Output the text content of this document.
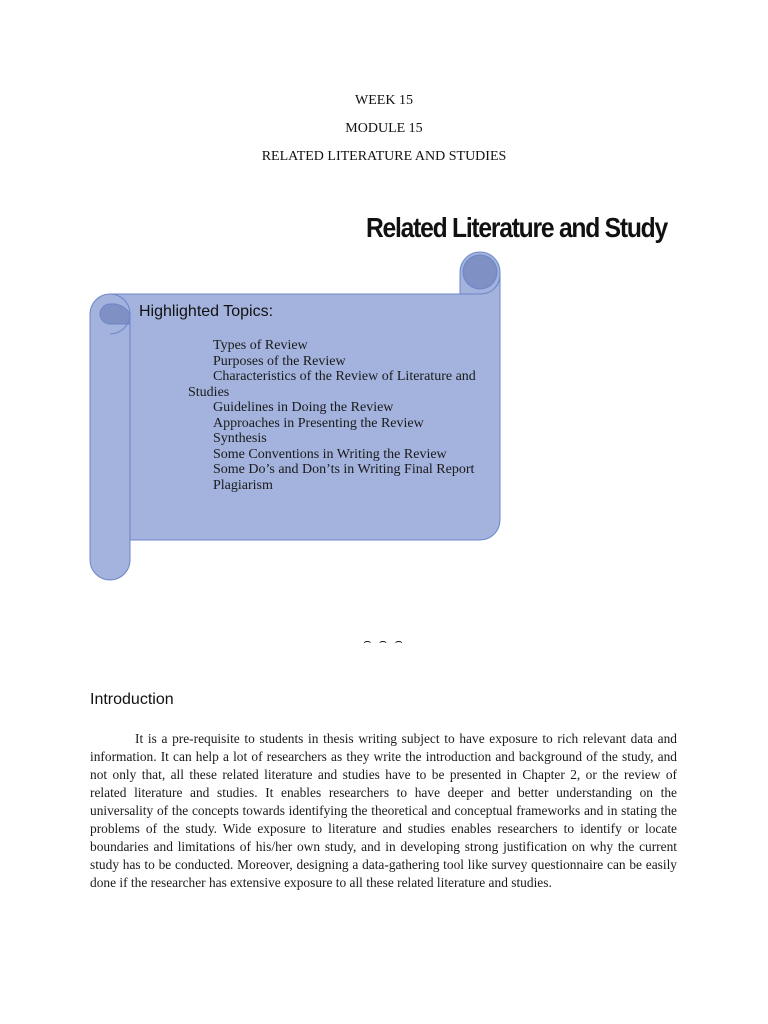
WEEK 15
MODULE 15
RELATED LITERATURE AND STUDIES
Related Literature and Study
Highlighted Topics:
Types of Review
Purposes of the Review
Characteristics of the Review of Literature and Studies
Guidelines in Doing the Review
Approaches in Presenting the Review
Synthesis
Some Conventions in Writing the Review
Some Do’s and Don’ts in Writing Final Report
Plagiarism
⌢ ⌢ ⌢
Introduction

It is a pre-requisite to students in thesis writing subject to have exposure to rich relevant data and information. It can help a lot of researchers as they write the introduction and background of the study, and not only that, all these related literature and studies have to be presented in Chapter 2, or the review of related literature and studies. It enables researchers to have deeper and better understanding on the universality of the concepts towards identifying the theoretical and conceptual frameworks and in stating the problems of the study. Wide exposure to literature and studies enables researchers to identify or locate boundaries and limitations of his/her own study, and in developing strong justification on why the current study has to be conducted. Moreover, designing a data-gathering tool like survey questionnaire can be easily done if the researcher has extensive exposure to all these related literature and studies.
